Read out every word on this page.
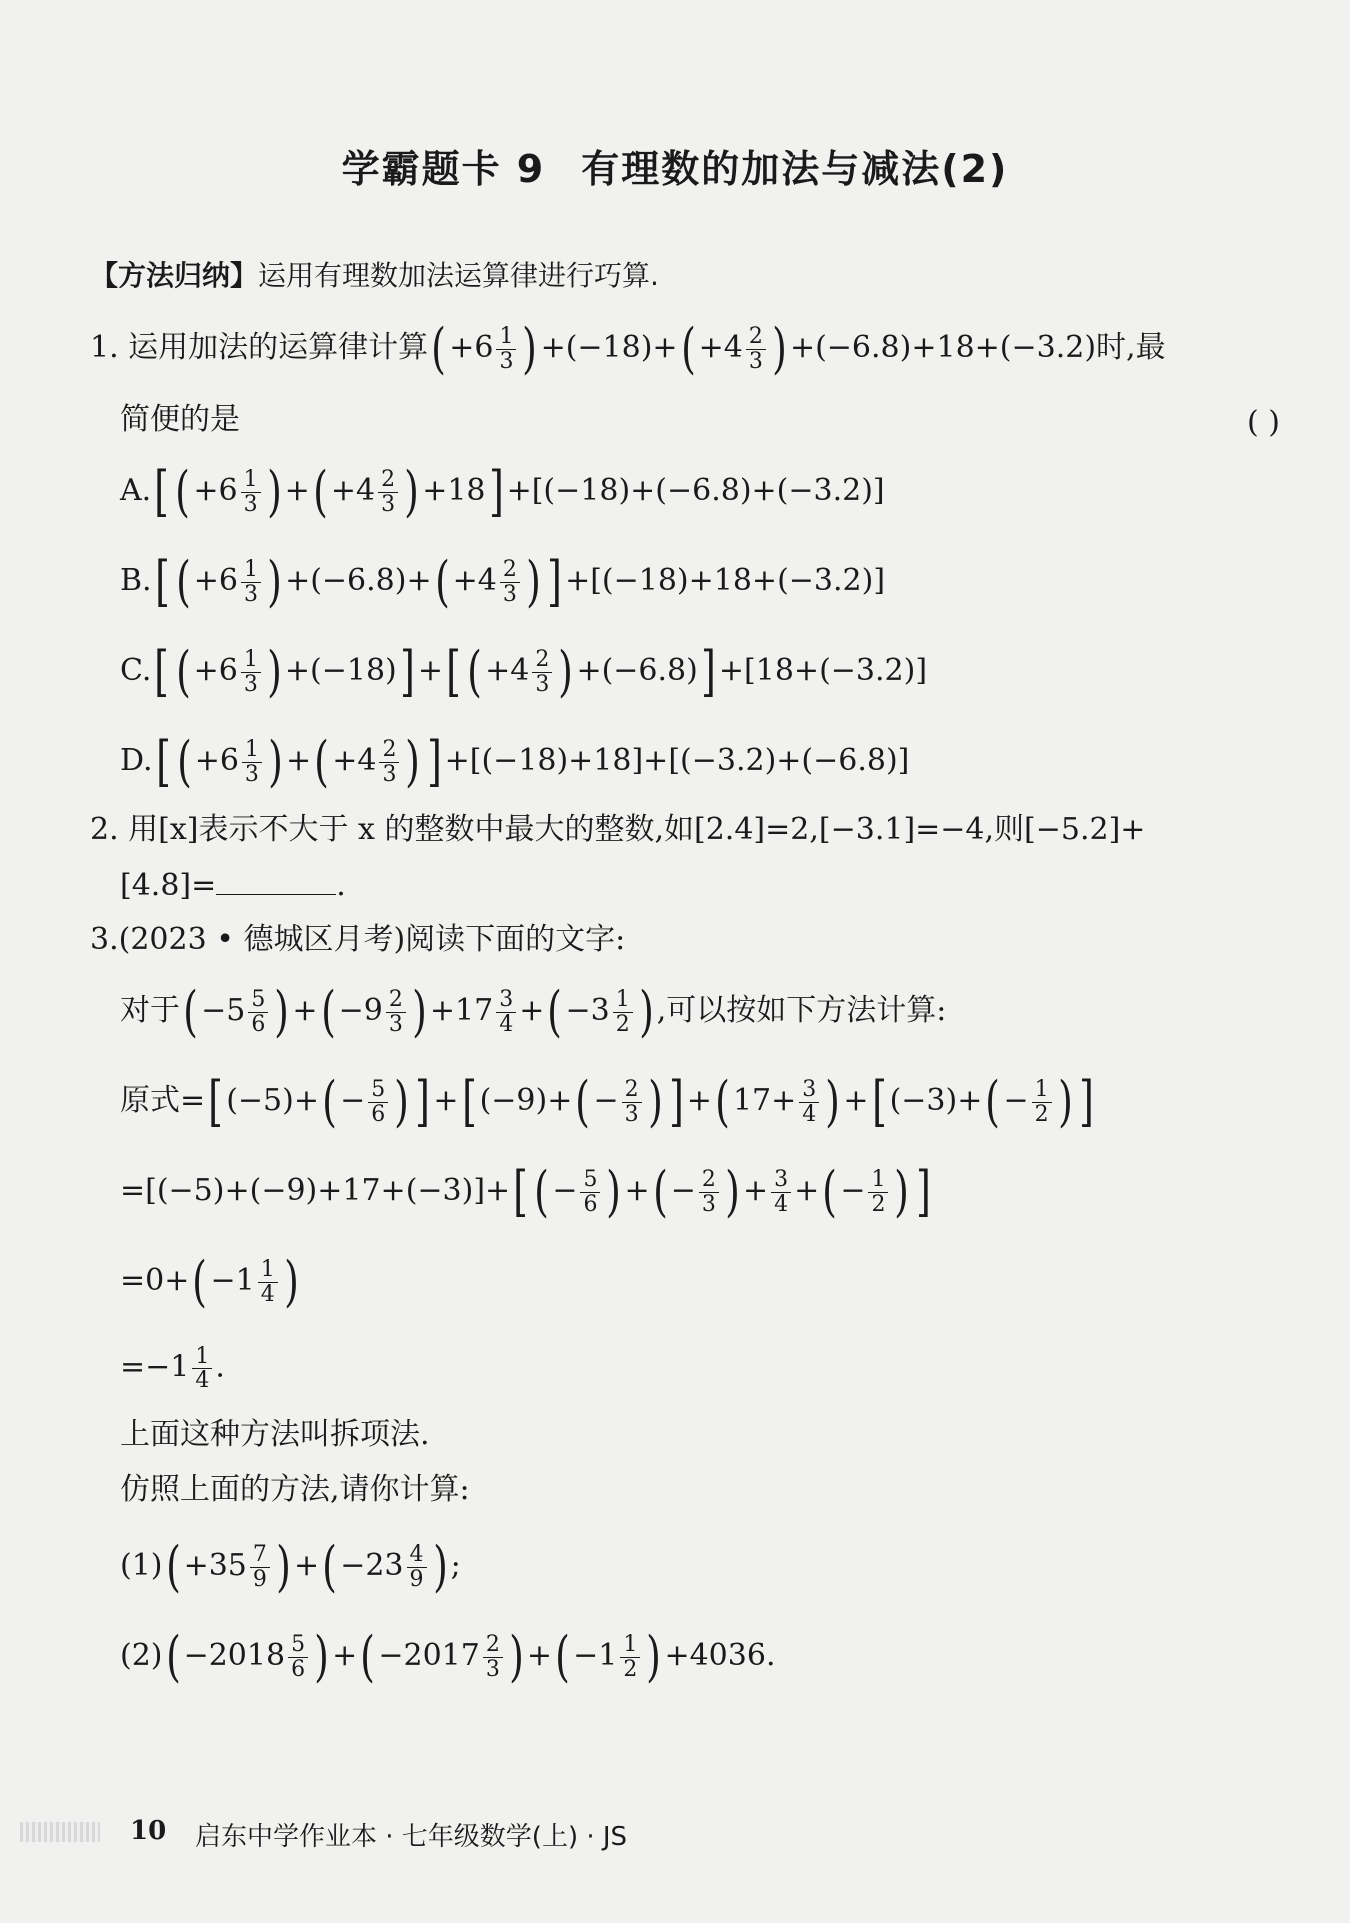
学霸题卡 9 有理数的加法与减法(2)
【方法归纳】运用有理数加法运算律进行巧算.
1. 运用加法的运算律计算( $+6 \frac{1}{3}$ ) $+(-18)+( +4 \frac{2}{3}$ ) +(−6.8)+18+(−3.2)时,最
简便的是	( )
A.[ ( $+6 \frac{1}{3}$ ) +( $+4 \frac{2}{3}$ ) +18] +[(−18)+(−6.8)+(−3.2)]
B.[ ( $+6 \frac{1}{3}$ ) $+(-6.8)+( +4 \frac{2}{3}$ ) ] +[(−18)+18+(−3.2)]
C.[ ( $+6 \frac{1}{3}$ ) +(−18)] +[ ( $+4 \frac{2}{3}$ ) +(−6.8)] +[18+(−3.2)]
D.[ ( $+6 \frac{1}{3}$ ) +( $+4 \frac{2}{3}$ ) ] +[(−18)+18]+[(−3.2)+(−6.8)]
2. 用[x]表示不大于 x 的整数中最大的整数,如[2.4]=2,[−3.1]=−4,则[−5.2]+
[4.8]=	.
3.(2023 • 德城区月考)阅读下面的文字:
对于( $-5 \frac{5}{6}$ ) +( $-9 \frac{2}{3}$ ) $+17 \frac{3}{4}$ +( $-3 \frac{1}{2}$ ) ,可以按如下方法计算:
原式=[ $(-5)+( - \frac{5}{6}$ ) ] +[ $(-9)+( - \frac{2}{3}$ ) ] +( $17+ \frac{3}{4}$ ) +[ $(-3)+( - \frac{1}{2}$ ) ]
=[(−5)+(−9)+17+(−3)]+[ ( − $\frac{5}{6}$ ) +( − $\frac{2}{3}$ ) + $\frac{3}{4}$ +( − $\frac{1}{2}$ ) ]
$=0+( -1 \frac{1}{4}$ )
$=-1 \frac{1}{4}$ .
上面这种方法叫拆项法.
仿照上面的方法,请你计算:
$(1)( +35 \frac{7}{9}$ ) +( $-23 \frac{4}{9}$ ) ;
$(2)( -2018 \frac{5}{6}$ ) +( $-2017 \frac{2}{3}$ ) +( $-1 \frac{1}{2}$ ) +4036.
10 启东中学作业本 · 七年级数学(上) · JS
